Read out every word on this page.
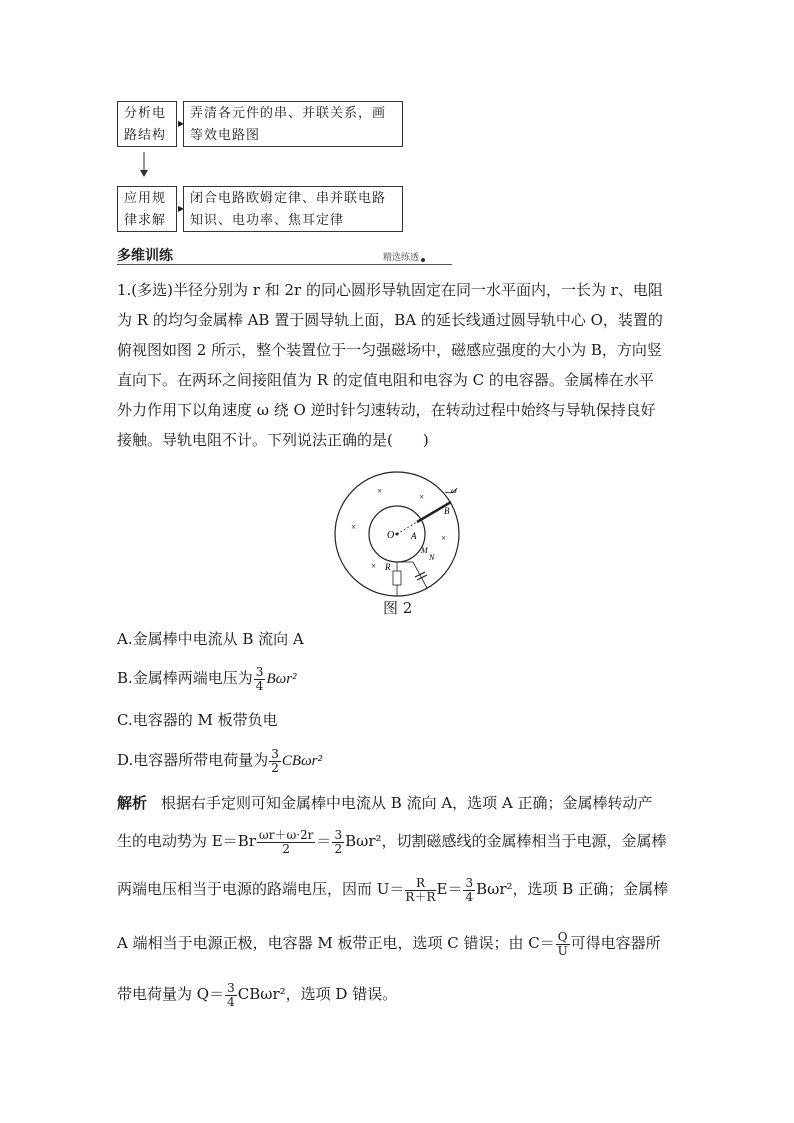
分析电路结构
▸
弄清各元件的串、并联关系，画等效电路图
应用规律求解
▸
闭合电路欧姆定律、串并联电路知识、电功率、焦耳定律
多维训练	精选练透
1.(多选)半径分别为 r 和 2r 的同心圆形导轨固定在同一水平面内，一长为 r、电阻
为 R 的均匀金属棒 AB 置于圆导轨上面，BA 的延长线通过圆导轨中心 O，装置的
俯视图如图 2 所示，整个装置位于一匀强磁场中，磁感应强度的大小为 B，方向竖
直向下。在两环之间接阻值为 R 的定值电阻和电容为 C 的电容器。金属棒在水平
外力作用下以角速度 ω 绕 O 逆时针匀速转动，在转动过程中始终与导轨保持良好
接触。导轨电阻不计。下列说法正确的是(　　)
O A
B
ω
M
N
R
×
×
×
×
×
图 2
A.金属棒中电流从 B 流向 A
B.金属棒两端电压为 $\frac{3}{4} B\omega r^2$
C.电容器的 M 板带负电
D.电容器所带电荷量为 $\frac{3}{2} CB\omega r^2$
解析 根据右手定则可知金属棒中电流从 B 流向 A，选项 A 正确；金属棒转动产
生的电动势为 $E=Br \frac{\omega r+\omega\cdot 2r}{2} = \frac{3}{2} B\omega r^2$，切割磁感线的金属棒相当于电源，金属棒
两端电压相当于电源的路端电压，因而 $U= \frac{R}{R+R} E= \frac{3}{4} B\omega r^2$，选项 B 正确；金属棒
A 端相当于电源正极，电容器 M 板带正电，选项 C 错误；由 $C= \frac{Q}{U}$ 可得电容器所
带电荷量为 $Q= \frac{3}{4} CB\omega r^2$，选项 D 错误。
